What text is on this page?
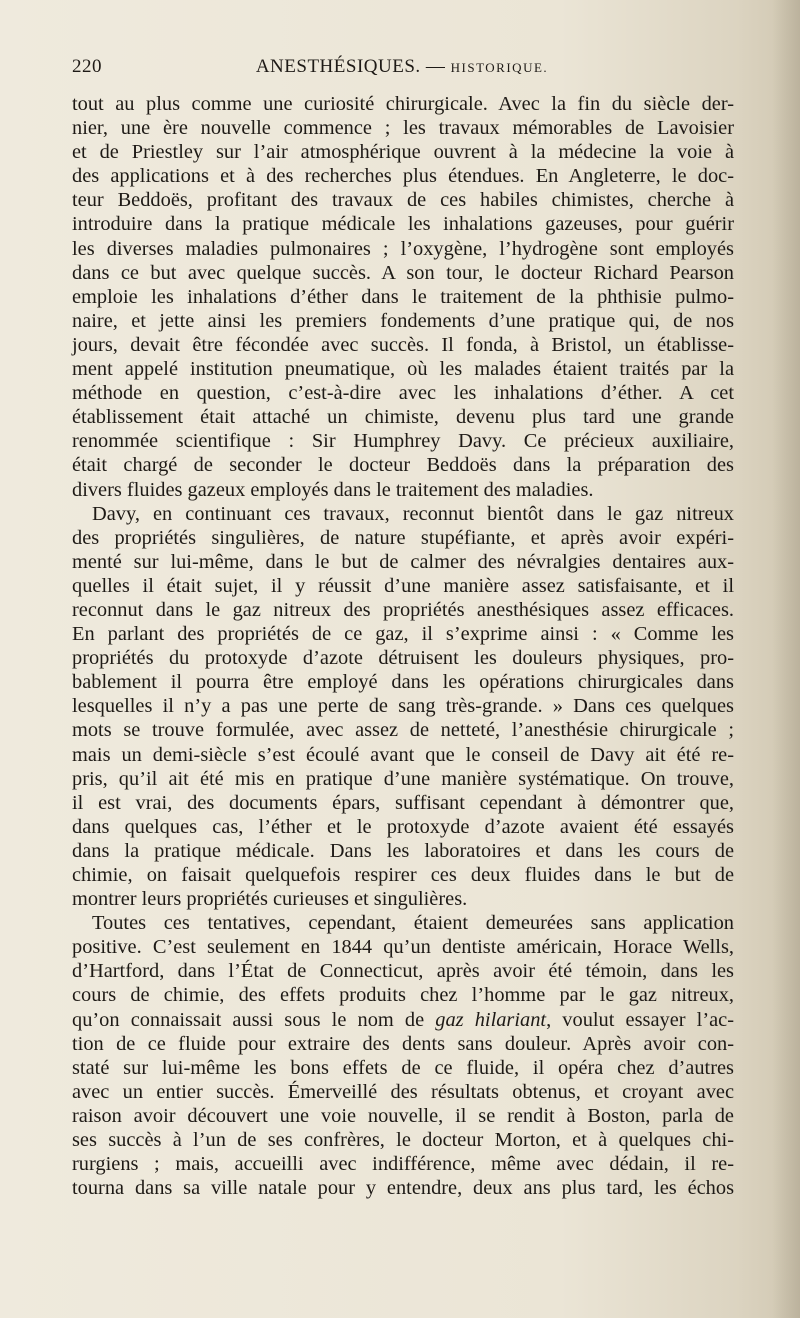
220	ANESTHÉSIQUES. — HISTORIQUE.

tout au plus comme une curiosité chirurgicale. Avec la fin du siècle der-

nier, une ère nouvelle commence ; les travaux mémorables de Lavoisier

et de Priestley sur l’air atmosphérique ouvrent à la médecine la voie à

des applications et à des recherches plus étendues. En Angleterre, le doc-

teur Beddoës, profitant des travaux de ces habiles chimistes, cherche à

introduire dans la pratique médicale les inhalations gazeuses, pour guérir

les diverses maladies pulmonaires ; l’oxygène, l’hydrogène sont employés

dans ce but avec quelque succès. A son tour, le docteur Richard Pearson

emploie les inhalations d’éther dans le traitement de la phthisie pulmo-

naire, et jette ainsi les premiers fondements d’une pratique qui, de nos

jours, devait être fécondée avec succès. Il fonda, à Bristol, un établisse-

ment appelé institution pneumatique, où les malades étaient traités par la

méthode en question, c’est-à-dire avec les inhalations d’éther. A cet

établissement était attaché un chimiste, devenu plus tard une grande

renommée scientifique : Sir Humphrey Davy. Ce précieux auxiliaire,

était chargé de seconder le docteur Beddoës dans la préparation des

divers fluides gazeux employés dans le traitement des maladies.

Davy, en continuant ces travaux, reconnut bientôt dans le gaz nitreux

des propriétés singulières, de nature stupéfiante, et après avoir expéri-

menté sur lui-même, dans le but de calmer des névralgies dentaires aux-

quelles il était sujet, il y réussit d’une manière assez satisfaisante, et il

reconnut dans le gaz nitreux des propriétés anesthésiques assez efficaces.

En parlant des propriétés de ce gaz, il s’exprime ainsi : « Comme les

propriétés du protoxyde d’azote détruisent les douleurs physiques, pro-

bablement il pourra être employé dans les opérations chirurgicales dans

lesquelles il n’y a pas une perte de sang très-grande. » Dans ces quelques

mots se trouve formulée, avec assez de netteté, l’anesthésie chirurgicale ;

mais un demi-siècle s’est écoulé avant que le conseil de Davy ait été re-

pris, qu’il ait été mis en pratique d’une manière systématique. On trouve,

il est vrai, des documents épars, suffisant cependant à démontrer que,

dans quelques cas, l’éther et le protoxyde d’azote avaient été essayés

dans la pratique médicale. Dans les laboratoires et dans les cours de

chimie, on faisait quelquefois respirer ces deux fluides dans le but de

montrer leurs propriétés curieuses et singulières.

Toutes ces tentatives, cependant, étaient demeurées sans application

positive. C’est seulement en 1844 qu’un dentiste américain, Horace Wells,

d’Hartford, dans l’État de Connecticut, après avoir été témoin, dans les

cours de chimie, des effets produits chez l’homme par le gaz nitreux,

qu’on connaissait aussi sous le nom de gaz hilariant, voulut essayer l’ac-

tion de ce fluide pour extraire des dents sans douleur. Après avoir con-

staté sur lui-même les bons effets de ce fluide, il opéra chez d’autres

avec un entier succès. Émerveillé des résultats obtenus, et croyant avec

raison avoir découvert une voie nouvelle, il se rendit à Boston, parla de

ses succès à l’un de ses confrères, le docteur Morton, et à quelques chi-

rurgiens ; mais, accueilli avec indifférence, même avec dédain, il re-

tourna dans sa ville natale pour y entendre, deux ans plus tard, les échos
